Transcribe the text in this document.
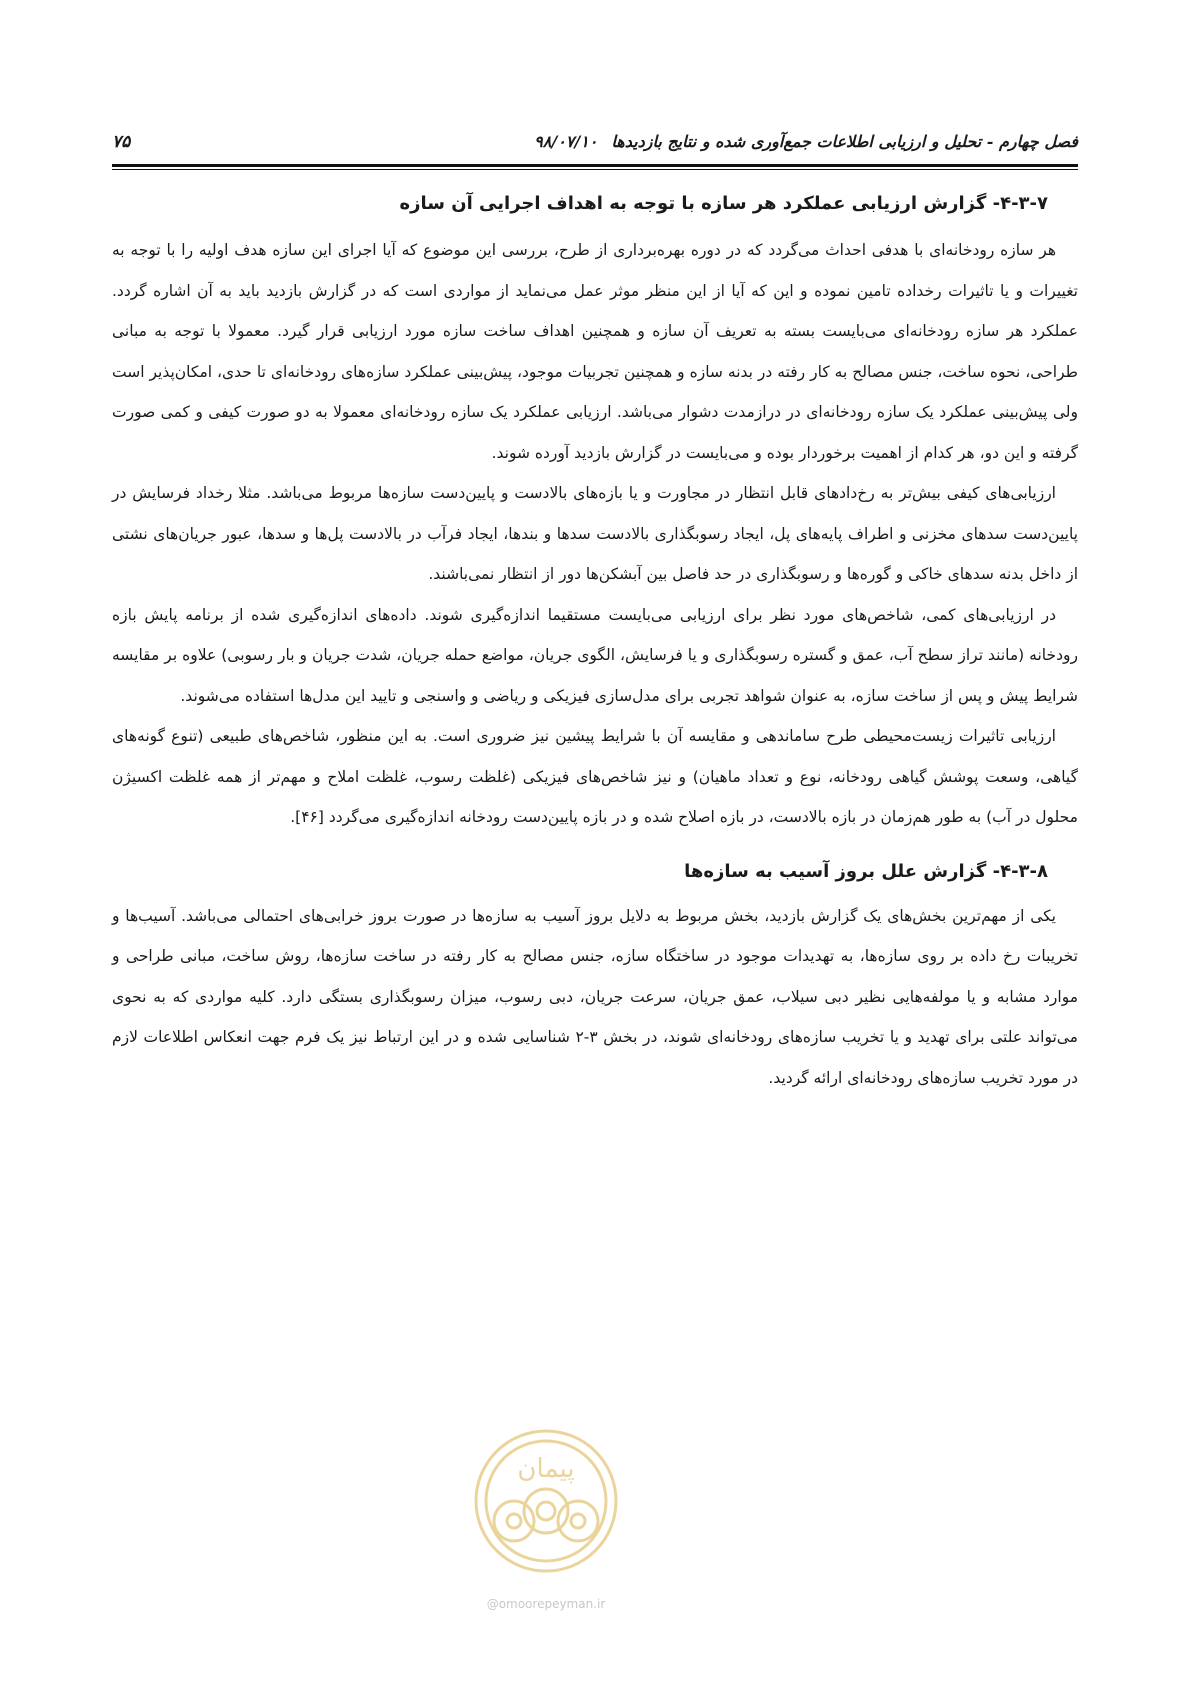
فصل چهارم - تحلیل و ارزیابی اطلاعات جمع‌آوری شده و نتایج بازدیدها۹۸/۰۷/۱۰
۷۵
۴-۳-۷- گزارش ارزیابی عملکرد هر سازه با توجه به اهداف اجرایی آن سازه

هر سازه رودخانه‌ای با هدفی احداث می‌گردد که در دوره بهره‌برداری از طرح، بررسی این موضوع که آیا اجرای این سازه هدف اولیه را با توجه به تغییرات و یا تاثیرات رخداده تامین نموده و این که آیا از این منظر موثر عمل می‌نماید از مواردی است که در گزارش بازدید باید به آن اشاره گردد. عملکرد هر سازه رودخانه‌ای می‌بایست بسته به تعریف آن سازه و همچنین اهداف ساخت سازه مورد ارزیابی قرار گیرد. معمولا با توجه به مبانی طراحی، نحوه ساخت، جنس مصالح به کار رفته در بدنه سازه و همچنین تجربیات موجود، پیش‌بینی عملکرد سازه‌های رودخانه‌ای تا حدی، امکان‌پذیر است ولی پیش‌بینی عملکرد یک سازه رودخانه‌ای در درازمدت دشوار می‌باشد. ارزیابی عملکرد یک سازه رودخانه‌ای معمولا به دو صورت کیفی و کمی صورت گرفته و این دو، هر کدام از اهمیت برخوردار بوده و می‌بایست در گزارش بازدید آورده شوند.

ارزیابی‌های کیفی بیش‌تر به رخ‌دادهای قابل انتظار در مجاورت و یا بازه‌های بالادست و پایین‌دست سازه‌ها مربوط می‌باشد. مثلا رخداد فرسایش در پایین‌دست سدهای مخزنی و اطراف پایه‌های پل، ایجاد رسوبگذاری بالادست سدها و بندها، ایجاد فرآب در بالادست پل‌ها و سدها، عبور جریان‌های نشتی از داخل بدنه سدهای خاکی و گوره‌ها و رسوبگذاری در حد فاصل بین آبشکن‌ها دور از انتظار نمی‌باشند.

در ارزیابی‌های کمی، شاخص‌های مورد نظر برای ارزیابی می‌بایست مستقیما اندازه‌گیری شوند. داده‌های اندازه‌گیری شده از برنامه پایش بازه رودخانه (مانند تراز سطح آب، عمق و گستره رسوبگذاری و یا فرسایش، الگوی جریان، مواضع حمله جریان، شدت جریان و بار رسوبی) علاوه بر مقایسه شرایط پیش و پس از ساخت سازه، به عنوان شواهد تجربی برای مدل‌سازی فیزیکی و ریاضی و واسنجی و تایید این مدل‌ها استفاده می‌شوند.

ارزیابی تاثیرات زیست‌محیطی طرح ساماندهی و مقایسه آن با شرایط پیشین نیز ضروری است. به این منظور، شاخص‌های طبیعی (تنوع گونه‌های گیاهی، وسعت پوشش گیاهی رودخانه، نوع و تعداد ماهیان) و نیز شاخص‌های فیزیکی (غلظت رسوب، غلظت املاح و مهم‌تر از همه غلظت اکسیژن محلول در آب) به طور هم‌زمان در بازه بالادست، در بازه اصلاح شده و در بازه پایین‌دست رودخانه اندازه‌گیری می‌گردد [۴۶].

۴-۳-۸- گزارش علل بروز آسیب به سازه‌ها

یکی از مهم‌ترین بخش‌های یک گزارش بازدید، بخش مربوط به دلایل بروز آسیب به سازه‌ها در صورت بروز خرابی‌های احتمالی می‌باشد. آسیب‌ها و تخریبات رخ داده بر روی سازه‌ها، به تهدیدات موجود در ساختگاه سازه، جنس مصالح به کار رفته در ساخت سازه‌ها، روش ساخت، مبانی طراحی و موارد مشابه و یا مولفه‌هایی نظیر دبی سیلاب، عمق جریان، سرعت جریان، دبی رسوب، میزان رسوبگذاری بستگی دارد. کلیه مواردی که به نحوی می‌تواند علتی برای تهدید و یا تخریب سازه‌های رودخانه‌ای شوند، در بخش ۳-۲ شناسایی شده و در این ارتباط نیز یک فرم جهت انعکاس اطلاعات لازم در مورد تخریب سازه‌های رودخانه‌ای ارائه گردید.

پیمان
@omoorepeyman.ir
